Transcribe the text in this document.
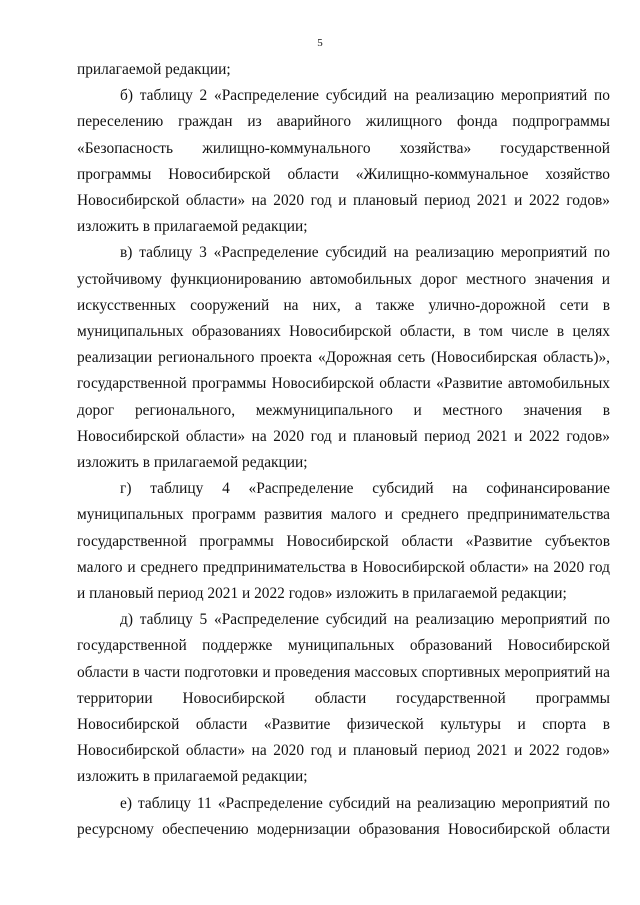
5

прилагаемой редакции;

б) таблицу 2 «Распределение субсидий на реализацию мероприятий по переселению граждан из аварийного жилищного фонда подпрограммы «Безопасность жилищно-коммунального хозяйства» государственной программы Новосибирской области «Жилищно-коммунальное хозяйство Новосибирской области» на 2020 год и плановый период 2021 и 2022 годов» изложить в прилагаемой редакции;

в) таблицу 3 «Распределение субсидий на реализацию мероприятий по устойчивому функционированию автомобильных дорог местного значения и искусственных сооружений на них, а также улично-дорожной сети в муниципальных образованиях Новосибирской области, в том числе в целях реализации регионального проекта «Дорожная сеть (Новосибирская область)», государственной программы Новосибирской области «Развитие автомобильных дорог регионального, межмуниципального и местного значения в Новосибирской области» на 2020 год и плановый период 2021 и 2022 годов» изложить в прилагаемой редакции;

г) таблицу 4 «Распределение субсидий на софинансирование муниципальных программ развития малого и среднего предпринимательства государственной программы Новосибирской области «Развитие субъектов малого и среднего предпринимательства в Новосибирской области» на 2020 год и плановый период 2021 и 2022 годов» изложить в прилагаемой редакции;

д) таблицу 5 «Распределение субсидий на реализацию мероприятий по государственной поддержке муниципальных образований Новосибирской области в части подготовки и проведения массовых спортивных мероприятий на территории Новосибирской области государственной программы Новосибирской области «Развитие физической культуры и спорта в Новосибирской области» на 2020 год и плановый период 2021 и 2022 годов» изложить в прилагаемой редакции;

е) таблицу 11 «Распределение субсидий на реализацию мероприятий по ресурсному обеспечению модернизации образования Новосибирской области
